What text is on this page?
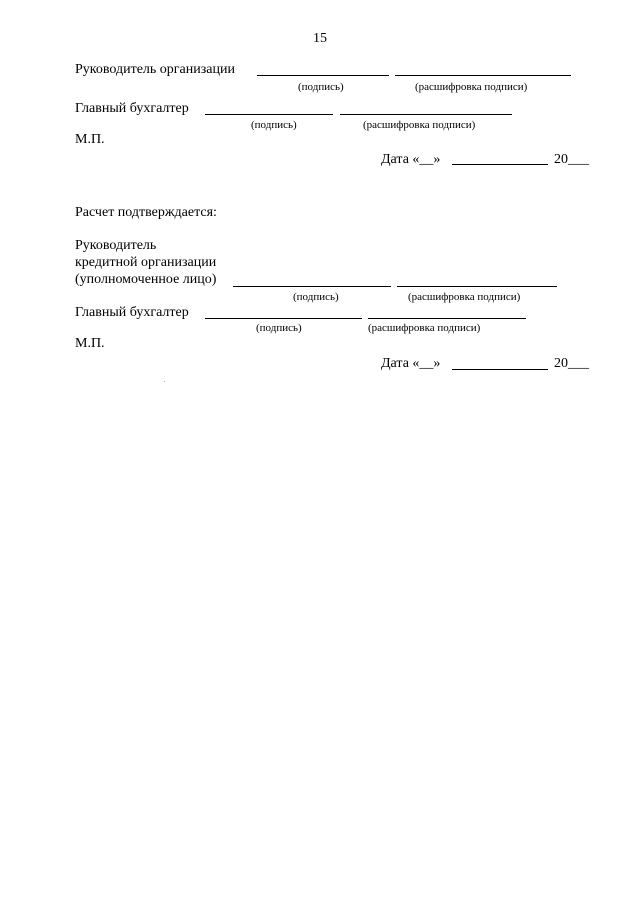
15
Руководитель организации
(подпись)	(расшифровка подписи)
Главный бухгалтер
(подпись)	(расшифровка подписи)
М.П.
Дата «__»	20___
Расчет подтверждается:
Руководитель
кредитной организации
(уполномоченное лицо)
(подпись)	(расшифровка подписи)
Главный бухгалтер
(подпись)	(расшифровка подписи)
М.П.
Дата «__»	20___
